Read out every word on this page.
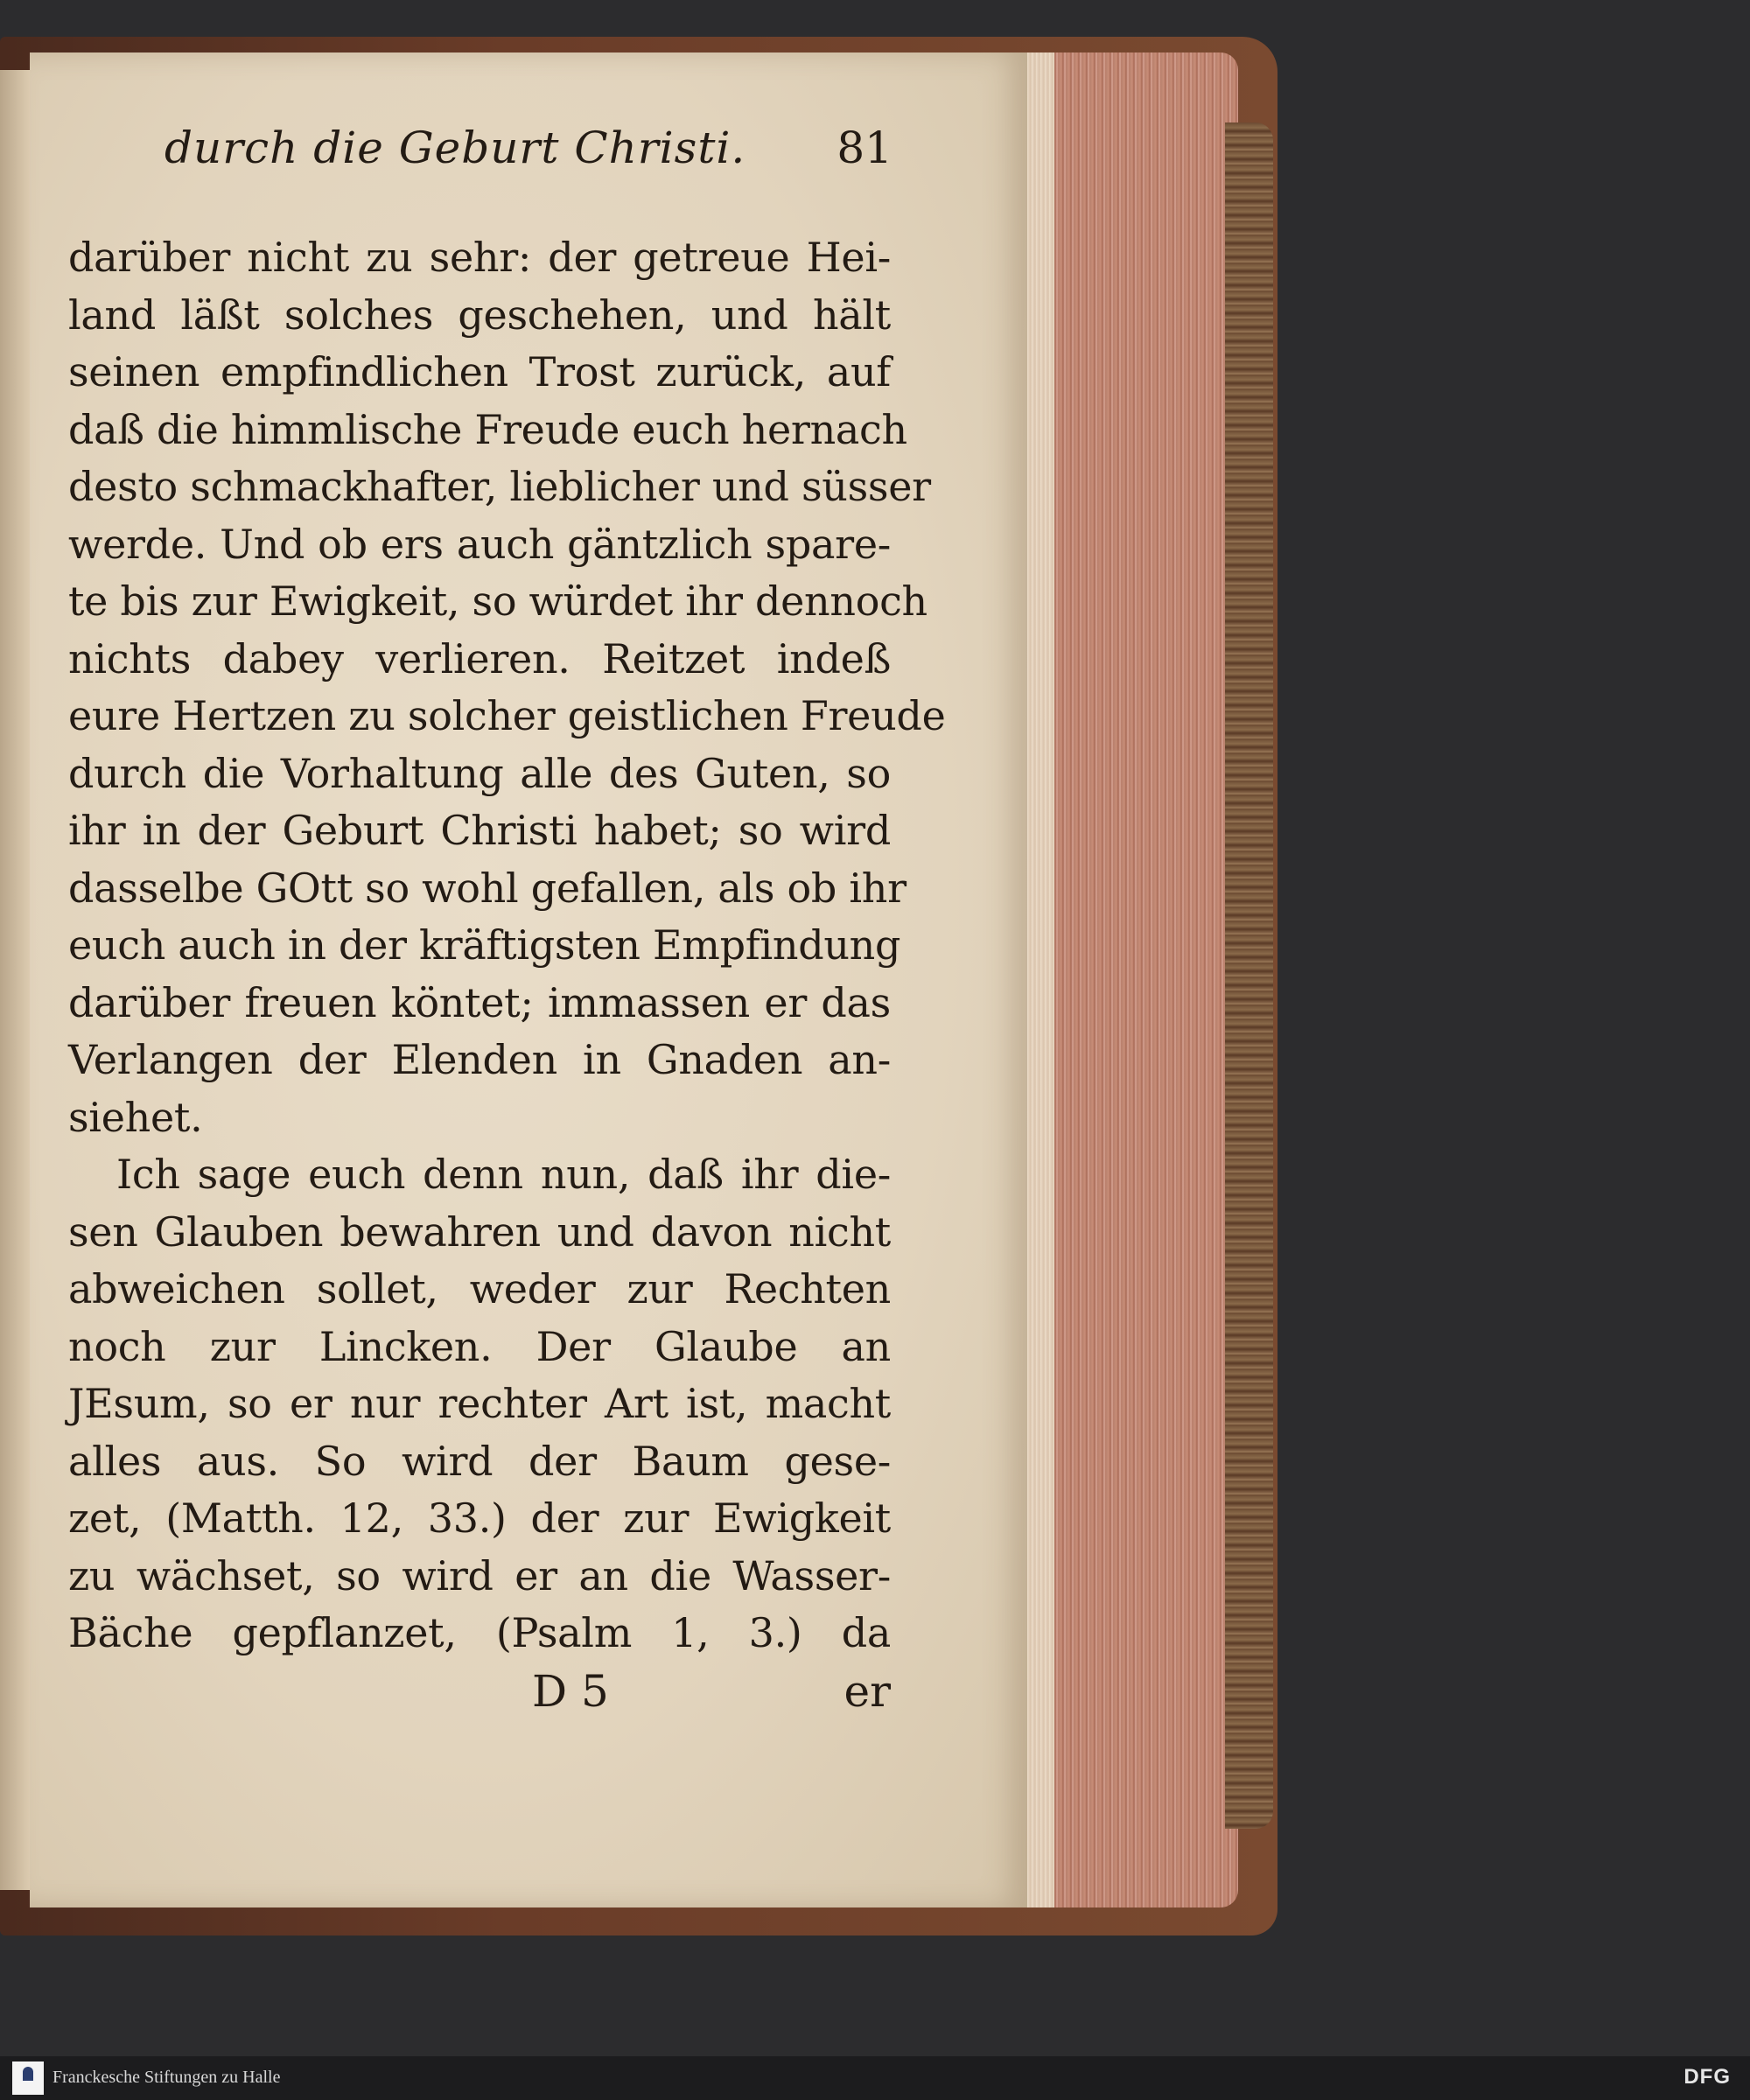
durch die Geburt Christi. 81
darüber nicht zu sehr: der getreue Hei-
land läßt solches geschehen, und hält
seinen empfindlichen Trost zurück, auf
daß die himmlische Freude euch hernach
desto schmackhafter, lieblicher und süsser
werde. Und ob ers auch gäntzlich spare-
te bis zur Ewigkeit, so würdet ihr dennoch
nichts dabey verlieren. Reitzet indeß
eure Hertzen zu solcher geistlichen Freude
durch die Vorhaltung alle des Guten, so
ihr in der Geburt Christi habet; so wird
dasselbe GOtt so wohl gefallen, als ob ihr
euch auch in der kräftigsten Empfindung
darüber freuen köntet; immassen er das
Verlangen der Elenden in Gnaden an-
siehet.
Ich sage euch denn nun, daß ihr die-
sen Glauben bewahren und davon nicht
abweichen sollet, weder zur Rechten
noch zur Lincken. Der Glaube an
JEsum, so er nur rechter Art ist, macht
alles aus. So wird der Baum gese-
zet, (Matth. 12, 33.) der zur Ewigkeit
zu wächset, so wird er an die Wasser-
Bäche gepflanzet, (Psalm 1, 3.) da
D 5	er
Franckesche Stiftungen zu Halle	DFG
